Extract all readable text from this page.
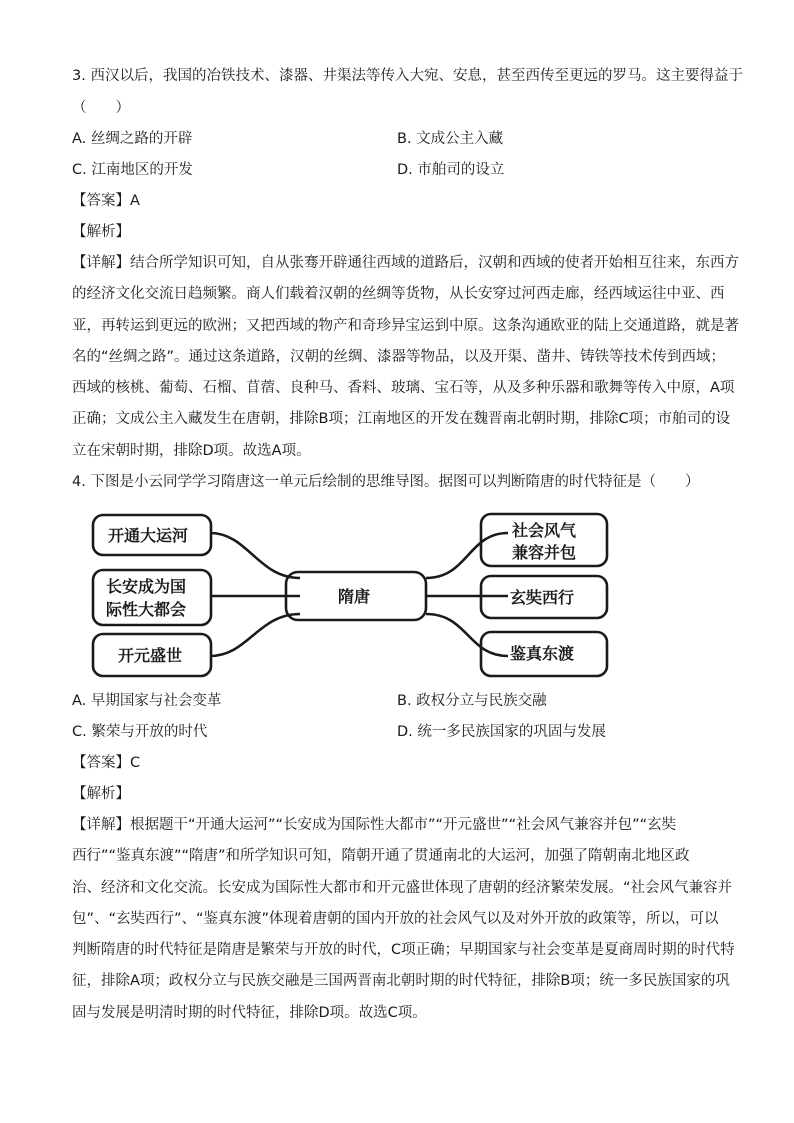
3. 西汉以后，我国的冶铁技术、漆器、井渠法等传入大宛、安息，甚至西传至更远的罗马。这主要得益于
（　　）
A. 丝绸之路的开辟	B. 文成公主入藏
C. 江南地区的开发	D. 市舶司的设立
【答案】A
【解析】
【详解】结合所学知识可知，自从张骞开辟通往西域的道路后，汉朝和西域的使者开始相互往来，东西方
的经济文化交流日趋频繁。商人们载着汉朝的丝绸等货物，从长安穿过河西走廊，经西域运往中亚、西
亚，再转运到更远的欧洲；又把西域的物产和奇珍异宝运到中原。这条沟通欧亚的陆上交通道路，就是著
名的“丝绸之路”。通过这条道路，汉朝的丝绸、漆器等物品，以及开渠、凿井、铸铁等技术传到西域；
西域的核桃、葡萄、石榴、苜蓿、良种马、香料、玻璃、宝石等，从及多种乐器和歌舞等传入中原，A项
正确；文成公主入藏发生在唐朝，排除B项；江南地区的开发在魏晋南北朝时期，排除C项；市舶司的设
立在宋朝时期，排除D项。故选A项。
4. 下图是小云同学学习隋唐这一单元后绘制的思维导图。据图可以判断隋唐的时代特征是（　　）
开通大运河
长安成为国
际性大都会
开元盛世
隋唐
社会风气
兼容并包
玄奘西行
鉴真东渡
A. 早期国家与社会变革	B. 政权分立与民族交融
C. 繁荣与开放的时代	D. 统一多民族国家的巩固与发展
【答案】C
【解析】
【详解】根据题干“开通大运河”“长安成为国际性大都市”“开元盛世”“社会风气兼容并包”“玄奘
西行”“鉴真东渡”“隋唐”和所学知识可知，隋朝开通了贯通南北的大运河，加强了隋朝南北地区政
治、经济和文化交流。长安成为国际性大都市和开元盛世体现了唐朝的经济繁荣发展。“社会风气兼容并
包”、“玄奘西行”、“鉴真东渡”体现着唐朝的国内开放的社会风气以及对外开放的政策等，所以，可以
判断隋唐的时代特征是隋唐是繁荣与开放的时代，C项正确；早期国家与社会变革是夏商周时期的时代特
征，排除A项；政权分立与民族交融是三国两晋南北朝时期的时代特征，排除B项；统一多民族国家的巩
固与发展是明清时期的时代特征，排除D项。故选C项。
